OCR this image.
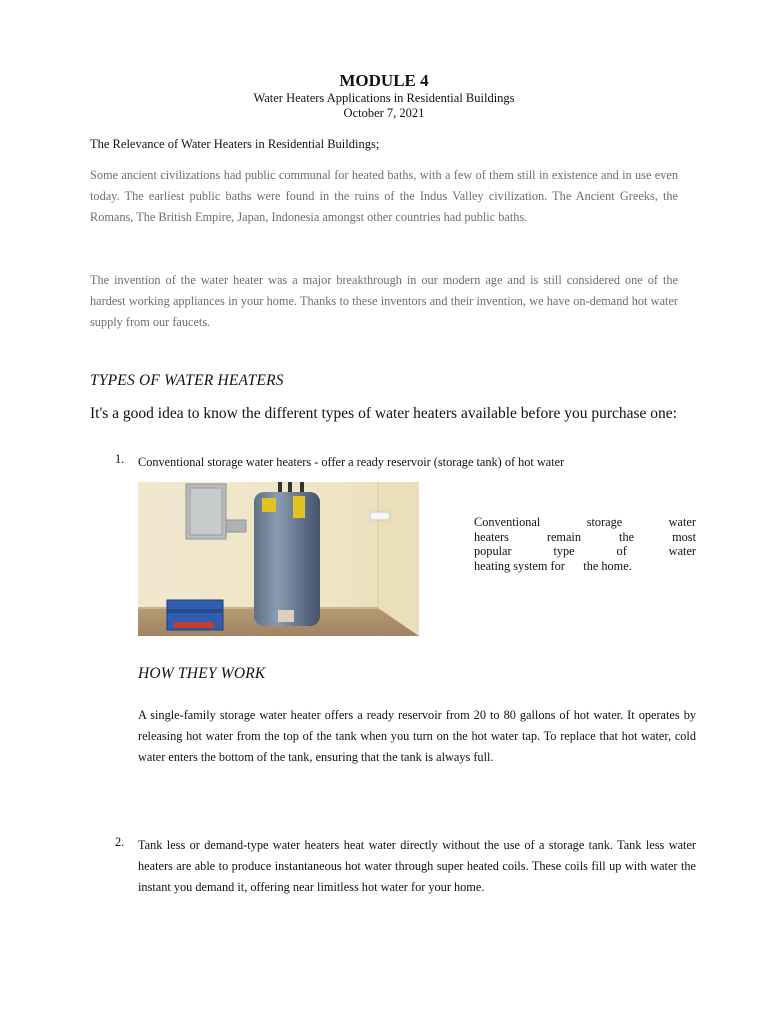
MODULE 4
Water Heaters Applications in Residential Buildings
October 7, 2021
The Relevance of Water Heaters in Residential Buildings;
Some ancient civilizations had public communal for heated baths, with a few of them still in existence and in use even today. The earliest public baths were found in the ruins of the Indus Valley civilization. The Ancient Greeks, the Romans, The British Empire, Japan, Indonesia amongst other countries had public baths.
The invention of the water heater was a major breakthrough in our modern age and is still considered one of the hardest working appliances in your home. Thanks to these inventors and their invention, we have on-demand hot water supply from our faucets.
TYPES OF WATER HEATERS
It's a good idea to know the different types of water heaters available before you purchase one:
1. Conventional storage water heaters - offer a ready reservoir (storage tank) of hot water
Conventional storage water
heaters remain the most
popular type of water
heating system for      the home.
HOW THEY WORK
A single-family storage water heater offers a ready reservoir from 20 to 80 gallons of hot water. It operates by releasing hot water from the top of the tank when you turn on the hot water tap. To replace that hot water, cold water enters the bottom of the tank, ensuring that the tank is always full.
2. Tank less or demand-type water heaters heat water directly without the use of a storage tank. Tank less water heaters are able to produce instantaneous hot water through super heated coils. These coils fill up with water the instant you demand it, offering near limitless hot water for your home.
